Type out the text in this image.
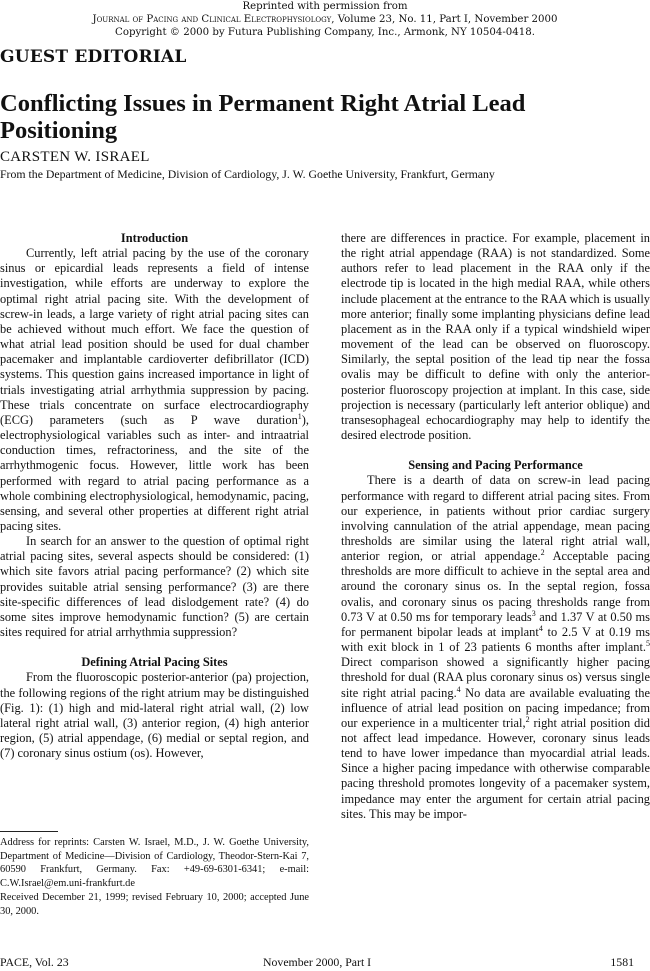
Reprinted with permission from
Journal of Pacing and Clinical Electrophysiology, Volume 23, No. 11, Part I, November 2000
Copyright © 2000 by Futura Publishing Company, Inc., Armonk, NY 10504-0418.
GUEST EDITORIAL
Conflicting Issues in Permanent Right Atrial Lead Positioning
CARSTEN W. ISRAEL
From the Department of Medicine, Division of Cardiology, J. W. Goethe University, Frankfurt, Germany
Introduction

Currently, left atrial pacing by the use of the coronary sinus or epicardial leads represents a field of intense investigation, while efforts are underway to explore the optimal right atrial pacing site. With the development of screw-in leads, a large variety of right atrial pacing sites can be achieved without much effort. We face the question of what atrial lead position should be used for dual chamber pacemaker and implantable cardioverter defibrillator (ICD) systems. This question gains increased importance in light of trials investigating atrial arrhythmia suppression by pacing. These trials concentrate on surface electrocardiography (ECG) parameters (such as P wave duration$^1$), electrophysiological variables such as inter- and intraatrial conduction times, refractoriness, and the site of the arrhythmogenic focus. However, little work has been performed with regard to atrial pacing performance as a whole combining electrophysiological, hemodynamic, pacing, sensing, and several other properties at different right atrial pacing sites.

In search for an answer to the question of optimal right atrial pacing sites, several aspects should be considered: (1) which site favors atrial pacing performance? (2) which site provides suitable atrial sensing performance? (3) are there site-specific differences of lead dislodgement rate? (4) do some sites improve hemodynamic function? (5) are certain sites required for atrial arrhythmia suppression?

Defining Atrial Pacing Sites

From the fluoroscopic posterior-anterior (pa) projection, the following regions of the right atrium may be distinguished (Fig. 1): (1) high and mid-lateral right atrial wall, (2) low lateral right atrial wall, (3) anterior region, (4) high anterior region, (5) atrial appendage, (6) medial or septal region, and (7) coronary sinus ostium (os). However,

Address for reprints: Carsten W. Israel, M.D., J. W. Goethe University, Department of Medicine—Division of Cardiology, Theodor-Stern-Kai 7, 60590 Frankfurt, Germany. Fax: +49-69-6301-6341; e-mail: C.W.Israel@em.uni-frankfurt.de
Received December 21, 1999; revised February 10, 2000; accepted June 30, 2000.

there are differences in practice. For example, placement in the right atrial appendage (RAA) is not standardized. Some authors refer to lead placement in the RAA only if the electrode tip is located in the high medial RAA, while others include placement at the entrance to the RAA which is usually more anterior; finally some implanting physicians define lead placement as in the RAA only if a typical windshield wiper movement of the lead can be observed on fluoroscopy. Similarly, the septal position of the lead tip near the fossa ovalis may be difficult to define with only the anterior-posterior fluoroscopy projection at implant. In this case, side projection is necessary (particularly left anterior oblique) and transesophageal echocardiography may help to identify the desired electrode position.

Sensing and Pacing Performance

There is a dearth of data on screw-in lead pacing performance with regard to different atrial pacing sites. From our experience, in patients without prior cardiac surgery involving cannulation of the atrial appendage, mean pacing thresholds are similar using the lateral right atrial wall, anterior region, or atrial appendage.$^2$ Acceptable pacing thresholds are more difficult to achieve in the septal area and around the coronary sinus os. In the septal region, fossa ovalis, and coronary sinus os pacing thresholds range from 0.73 V at 0.50 ms for temporary leads$^3$ and 1.37 V at 0.50 ms for permanent bipolar leads at implant$^4$ to 2.5 V at 0.19 ms with exit block in 1 of 23 patients 6 months after implant.$^5$ Direct comparison showed a significantly higher pacing threshold for dual (RAA plus coronary sinus os) versus single site right atrial pacing.$^4$ No data are available evaluating the influence of atrial lead position on pacing impedance; from our experience in a multicenter trial,$^2$ right atrial position did not affect lead impedance. However, coronary sinus leads tend to have lower impedance than myocardial atrial leads. Since a higher pacing impedance with otherwise comparable pacing threshold promotes longevity of a pacemaker system, impedance may enter the argument for certain atrial pacing sites. This may be impor-

PACE, Vol. 23	November 2000, Part I	1581
